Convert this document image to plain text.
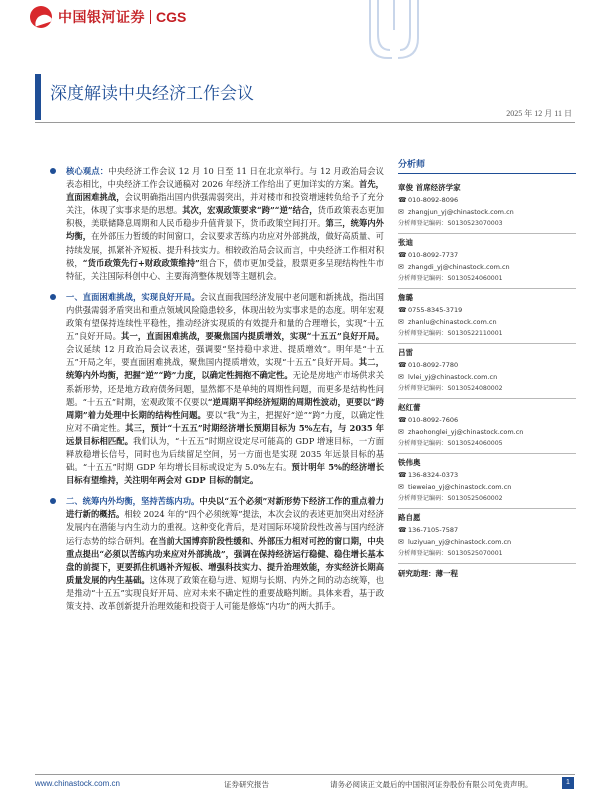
中国银河证券 CGS
深度解读中央经济工作会议
2025 年 12 月 11 日
核心观点：中央经济工作会议 12 月 10 日至 11 日在北京举行。与 12 月政治局会议表态相比，中央经济工作会议通稿对 2026 年经济工作给出了更加详实的方案。首先，直面困难挑战，会议明确指出国内供强需弱突出，并对楼市和投资增速转负给予了充分关注，体现了实事求是的思想。其次，宏观政策要求“跨”“逆”结合，货币政策表态更加积极，美联储降息周期和人民币稳步升值背景下，货币政策空间打开。第三，统筹内外均衡，在外部压力暂缓的时间窗口，会议要求苦练内功应对外部挑战，做好高质量、可持续发展，抓紧补齐短板、提升科技实力。相较政治局会议而言，中央经济工作相对积极，“货币政策先行+财政政策维持”组合下，债市更加受益，股票更多呈现结构性牛市特征，关注国际科创中心、主要海湾整体规划等主题机会。
一、直面困难挑战，实现良好开局。会议直面我国经济发展中老问题和新挑战，指出国内供强需弱矛盾突出和重点领域风险隐患较多，体现出较为实事求是的态度。明年宏观政策有望保持连续性平稳性，推动经济实现质的有效提升和量的合理增长，实现“十五五”良好开局。其一，直面困难挑战，要聚焦国内提质增效，实现“十五五”良好开局。会议延续 12 月政治局会议表述，强调要“坚持稳中求进、提质增效”。明年是“十五五”开局之年，要直面困难挑战，聚焦国内提质增效，实现“十五五”良好开局。其二，统筹内外均衡，把握“逆”“跨”力度，以确定性拥抱不确定性。无论是房地产市场供求关系新形势，还是地方政府债务问题，显然都不是单纯的周期性问题，而更多是结构性问题。“十五五”时期，宏观政策不仅要以“逆周期平抑经济短期的周期性波动，更要以“跨周期”着力处理中长期的结构性问题。要以“我”为主，把握好“逆”“跨”力度，以确定性应对不确定性。其三，预计“十五五”时期经济增长预期目标为 5%左右，与 2035 年远景目标相匹配。我们认为，“十五五”时期应设定尽可能高的 GDP 增速目标，一方面释放稳增长信号，同时也为后续留足空间，另一方面也是实现 2035 年远景目标的基础。“十五五”时期 GDP 年均增长目标或设定为 5.0%左右。预计明年 5%的经济增长目标有望维持，关注明年两会对 GDP 目标的制定。
二、统筹内外均衡，坚持苦练内功。中央以“五个必须”对新形势下经济工作的重点着力进行新的概括。相较 2024 年的“四个必须统筹”提法，本次会议的表述更加突出对经济发展内在潜能与内生动力的重视。这种变化背后，是对国际环境阶段性改善与国内经济运行态势的综合研判。在当前大国博弈阶段性缓和、外部压力相对可控的窗口期，中央重点提出“必须以苦练内功来应对外部挑战”，强调在保持经济运行稳健、稳住增长基本盘的前提下，更要抓住机遇补齐短板、增强科技实力、提升治理效能，夯实经济长期高质量发展的内生基础。这体现了政策在稳与进、短期与长期、内外之间的动态统筹，也是推动“十五五”实现良好开局、应对未来不确定性的重要战略判断。具体来看，基于政策支持、改革创新提升治理效能和投资于人可能是修炼“内功”的两大抓手。
分析师
章俊 首席经济学家
☎ 010-8092-8096
✉ zhangjun_yj@chinastock.com.cn
分析师登记编码：S0130523070003
张迪
☎ 010-8092-7737
✉ zhangdi_yj@chinastock.com.cn
分析师登记编码：S0130524060001
詹璐
☎ 0755-8345-3719
✉ zhanlu@chinastock.com.cn
分析师登记编码：S0130522110001
吕雷
☎ 010-8092-7780
✉ lvlei_yj@chinastock.com.cn
分析师登记编码：S0130524080002
赵红蕾
☎ 010-8092-7606
✉ zhaohonglei_yj@chinastock.com.cn
分析师登记编码：S0130524060005
铁伟奥
☎ 136-8324-0373
✉ tieweiao_yj@chinastock.com.cn
分析师登记编码：S0130525060002
路自愿
☎ 136-7105-7587
✉ luziyuan_yj@chinastock.com.cn
分析师登记编码：S0130525070001
研究助理：薄一程
www.chinastock.com.cn	证券研究报告	请务必阅读正文最后的中国银河证券股份有限公司免责声明。	1
